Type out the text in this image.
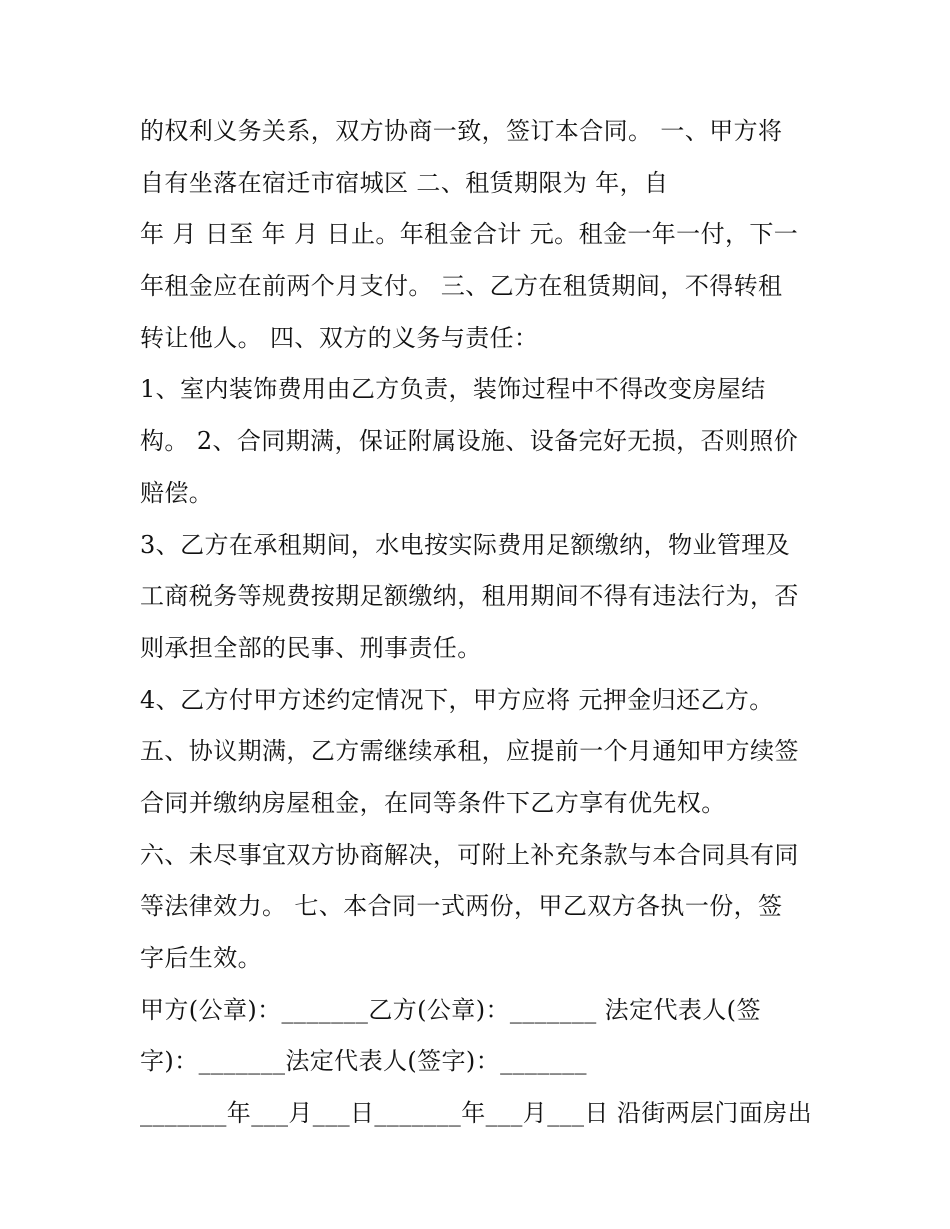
的权利义务关系，双方协商一致，签订本合同。 一、甲方将
自有坐落在宿迁市宿城区 二、租赁期限为 年，自
年 月 日至 年 月 日止。年租金合计 元。租金一年一付，下一
年租金应在前两个月支付。 三、乙方在租赁期间，不得转租
转让他人。 四、双方的义务与责任：
1、室内装饰费用由乙方负责，装饰过程中不得改变房屋结
构。 2、合同期满，保证附属设施、设备完好无损，否则照价
赔偿。
3、乙方在承租期间，水电按实际费用足额缴纳，物业管理及
工商税务等规费按期足额缴纳，租用期间不得有违法行为，否
则承担全部的民事、刑事责任。
4、乙方付甲方述约定情况下，甲方应将 元押金归还乙方。
五、协议期满，乙方需继续承租，应提前一个月通知甲方续签
合同并缴纳房屋租金，在同等条件下乙方享有优先权。
六、未尽事宜双方协商解决，可附上补充条款与本合同具有同
等法律效力。 七、本合同一式两份，甲乙双方各执一份，签
字后生效。
甲方(公章)：_______乙方(公章)：_______ 法定代表人(签
字)：_______法定代表人(签字)：_______
_______年___月___日_______年___月___日 沿街两层门面房出
